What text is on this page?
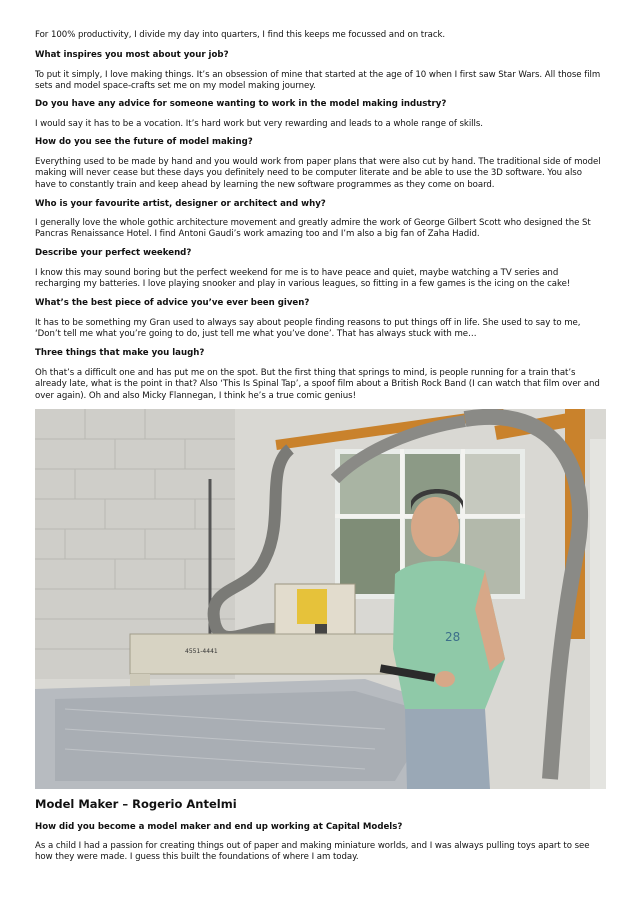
For 100% productivity, I divide my day into quarters, I find this keeps me focussed and on track.

What inspires you most about your job?

To put it simply, I love making things. It’s an obsession of mine that started at the age of 10 when I first saw Star Wars. All those film sets and model space-crafts set me on my model making journey.

Do you have any advice for someone wanting to work in the model making industry?

I would say it has to be a vocation. It’s hard work but very rewarding and leads to a whole range of skills.

How do you see the future of model making?

Everything used to be made by hand and you would work from paper plans that were also cut by hand. The traditional side of model making will never cease but these days you definitely need to be computer literate and be able to use the 3D software. You also have to constantly train and keep ahead by learning the new software programmes as they come on board.

Who is your favourite artist, designer or architect and why?

I generally love the whole gothic architecture movement and greatly admire the work of George Gilbert Scott who designed the St Pancras Renaissance Hotel. I find Antoni Gaudi’s work amazing too and I’m also a big fan of Zaha Hadid.

Describe your perfect weekend?

I know this may sound boring but the perfect weekend for me is to have peace and quiet, maybe watching a TV series and recharging my batteries. I love playing snooker and play in various leagues, so fitting in a few games is the icing on the cake!

What’s the best piece of advice you’ve ever been given?

It has to be something my Gran used to always say about people finding reasons to put things off in life. She used to say to me, ‘Don’t tell me what you’re going to do, just tell me what you’ve done’. That has always stuck with me…

Three things that make you laugh?

Oh that’s a difficult one and has put me on the spot. But the first thing that springs to mind, is people running for a train that’s already late, what is the point in that? Also ‘This Is Spinal Tap’, a spoof film about a British Rock Band (I can watch that film over and over again). Oh and also Micky Flannegan, I think he’s a true comic genius!

4551-4441
28

Model Maker – Rogerio Antelmi

How did you become a model maker and end up working at Capital Models?

As a child I had a passion for creating things out of paper and making miniature worlds, and I was always pulling toys apart to see how they were made. I guess this built the foundations of where I am today.
